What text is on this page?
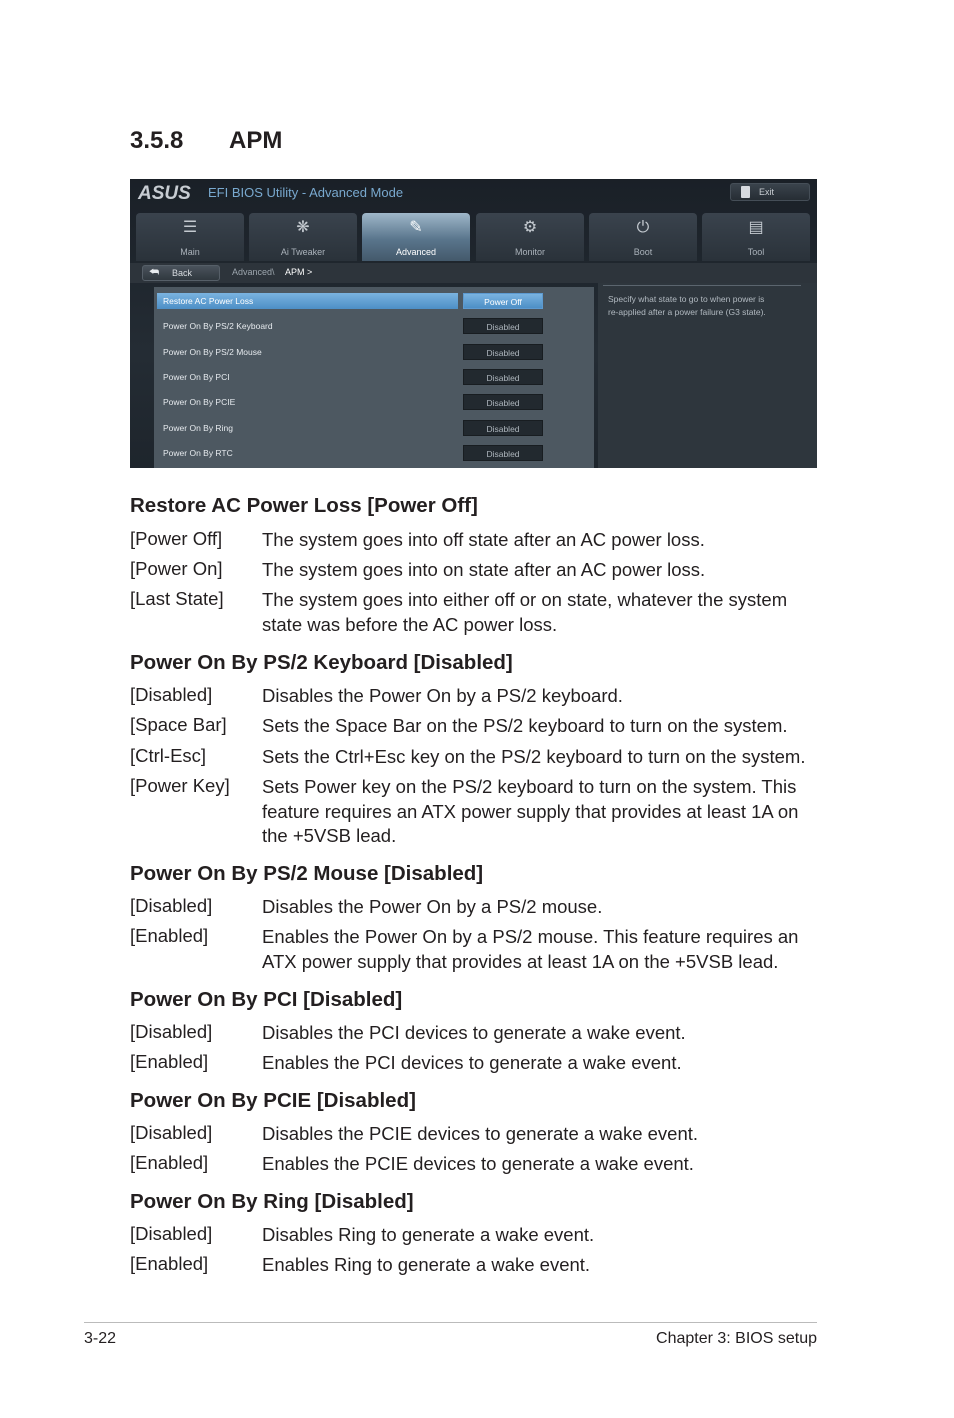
3.5.8 APM
ASUS EFI BIOS Utility - Advanced Mode	Exit
☰
Main
❋
Ai Tweaker
✎
Advanced
⚙
Monitor
⏻
Boot
▤
Tool
⮪ Back	Advanced\ APM >
Specify what state to go to when power is re-applied after a power failure (G3 state).
Restore AC Power Loss	Power Off
Power On By PS/2 Keyboard	Disabled
Power On By PS/2 Mouse	Disabled
Power On By PCI	Disabled
Power On By PCIE	Disabled
Power On By Ring	Disabled
Power On By RTC	Disabled
Restore AC Power Loss [Power Off]
[Power Off] The system goes into off state after an AC power loss.
[Power On] The system goes into on state after an AC power loss.
[Last State] The system goes into either off or on state, whatever the system state was before the AC power loss.
Power On By PS/2 Keyboard [Disabled]
[Disabled]	Disables the Power On by a PS/2 keyboard.
[Space Bar] Sets the Space Bar on the PS/2 keyboard to turn on the system.
[Ctrl-Esc]	Sets the Ctrl+Esc key on the PS/2 keyboard to turn on the system.
[Power Key] Sets Power key on the PS/2 keyboard to turn on the system. This feature requires an ATX power supply that provides at least 1A on the +5VSB lead.
Power On By PS/2 Mouse [Disabled]
[Disabled]	Disables the Power On by a PS/2 mouse.
[Enabled]	Enables the Power On by a PS/2 mouse. This feature requires an ATX power supply that provides at least 1A on the +5VSB lead.
Power On By PCI [Disabled]
[Disabled]	Disables the PCI devices to generate a wake event.
[Enabled]	Enables the PCI devices to generate a wake event.
Power On By PCIE [Disabled]
[Disabled]	Disables the PCIE devices to generate a wake event.
[Enabled]	Enables the PCIE devices to generate a wake event.
Power On By Ring [Disabled]
[Disabled]	Disables Ring to generate a wake event.
[Enabled]	Enables Ring to generate a wake event.
3-22	Chapter 3: BIOS setup
